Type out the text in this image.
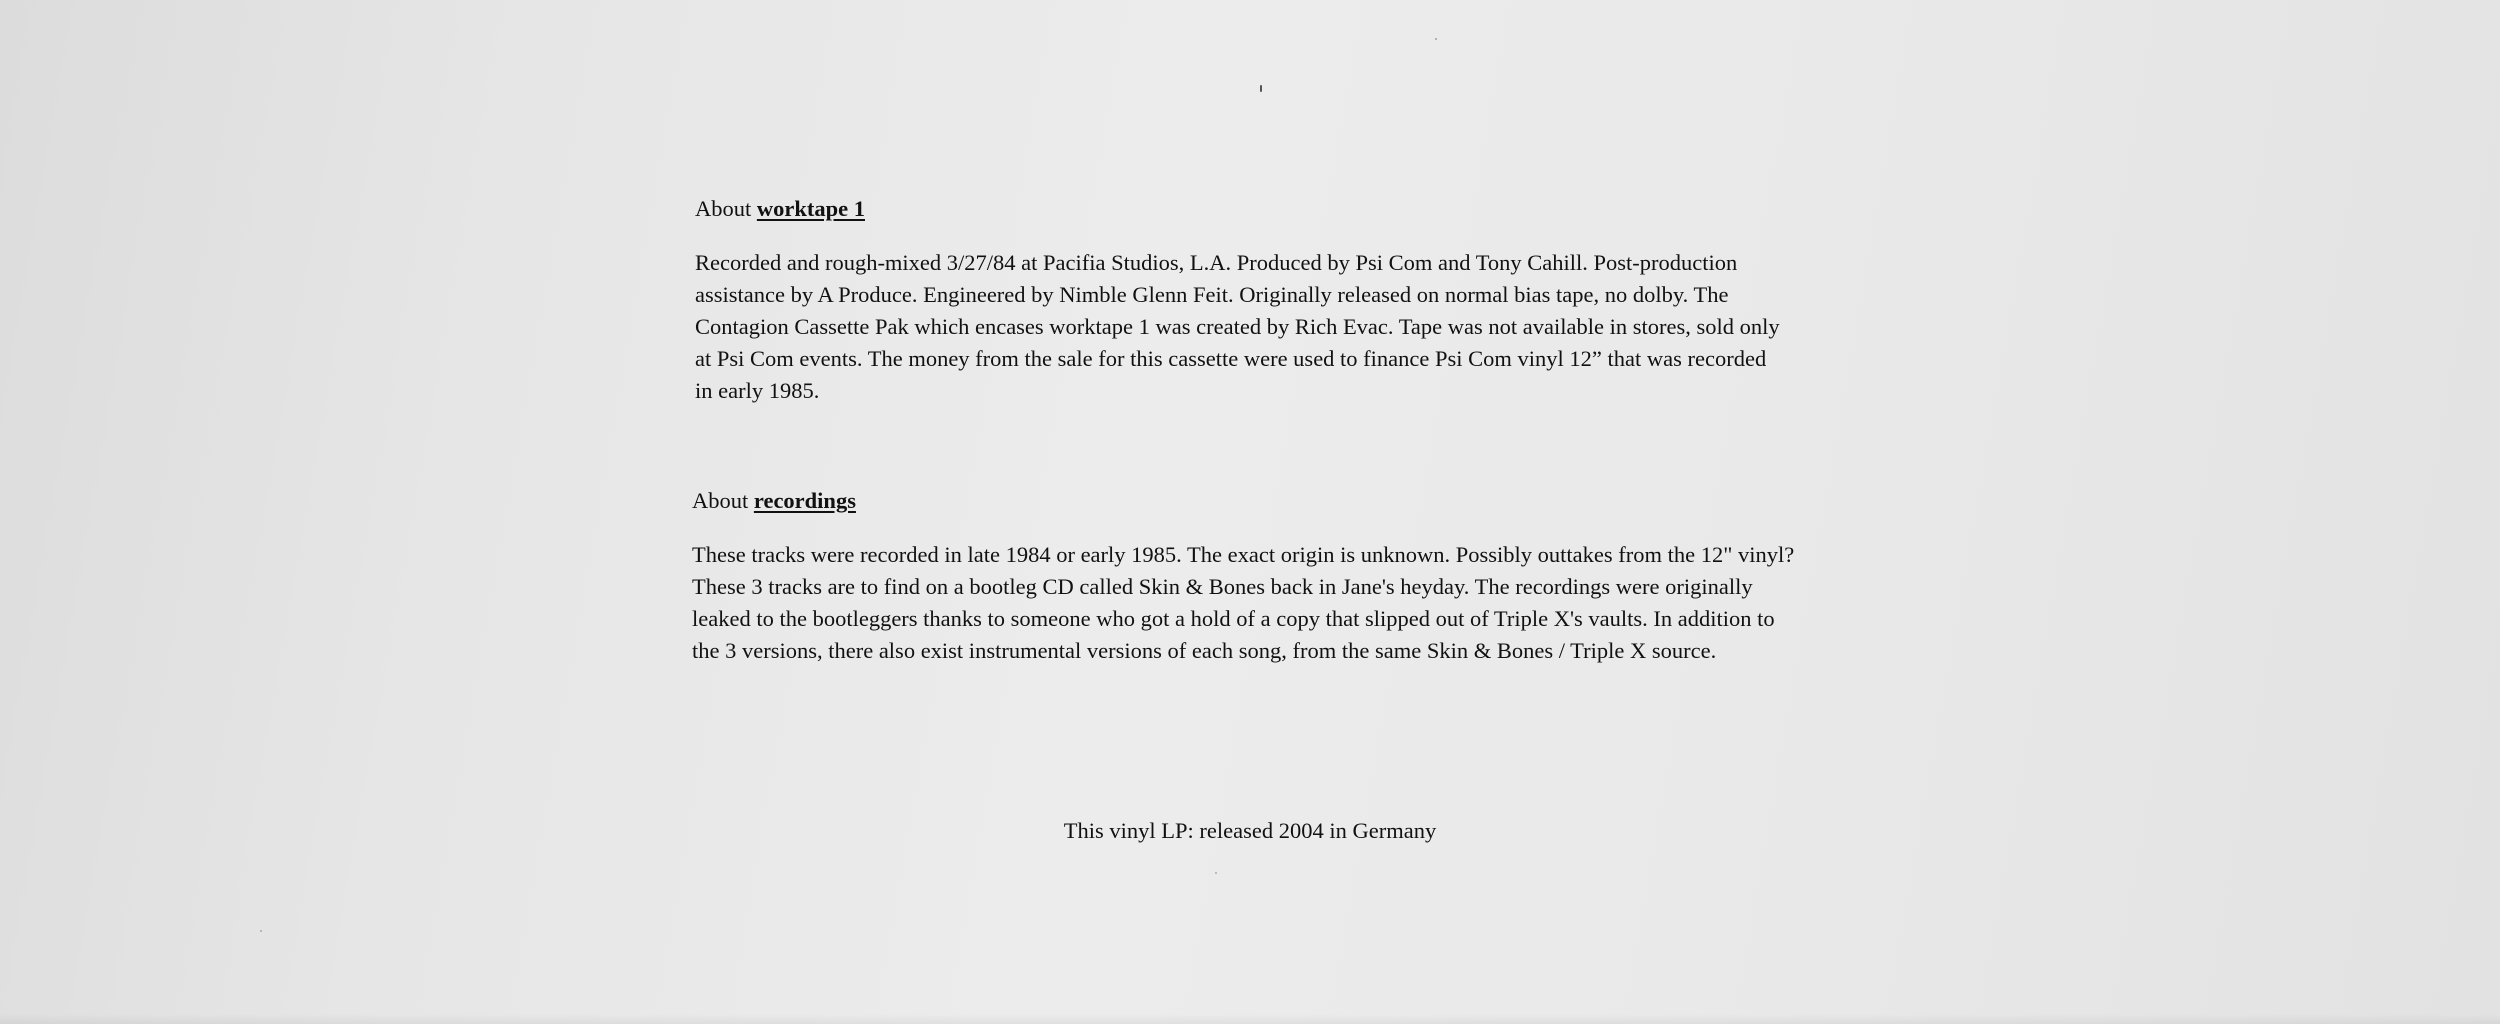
About worktape 1

Recorded and rough-mixed 3/27/84 at Pacifia Studios, L.A. Produced by Psi Com and Tony Cahill. Post-production
assistance by A Produce. Engineered by Nimble Glenn Feit. Originally released on normal bias tape, no dolby. The
Contagion Cassette Pak which encases worktape 1 was created by Rich Evac. Tape was not available in stores, sold only
at Psi Com events. The money from the sale for this cassette were used to finance Psi Com vinyl 12” that was recorded
in early 1985.

About recordings

These tracks were recorded in late 1984 or early 1985. The exact origin is unknown. Possibly outtakes from the 12" vinyl?
These 3 tracks are to find on a bootleg CD called Skin & Bones back in Jane's heyday. The recordings were originally
leaked to the bootleggers thanks to someone who got a hold of a copy that slipped out of Triple X's vaults. In addition to
the 3 versions, there also exist instrumental versions of each song, from the same Skin & Bones / Triple X source.

This vinyl LP: released 2004 in Germany
